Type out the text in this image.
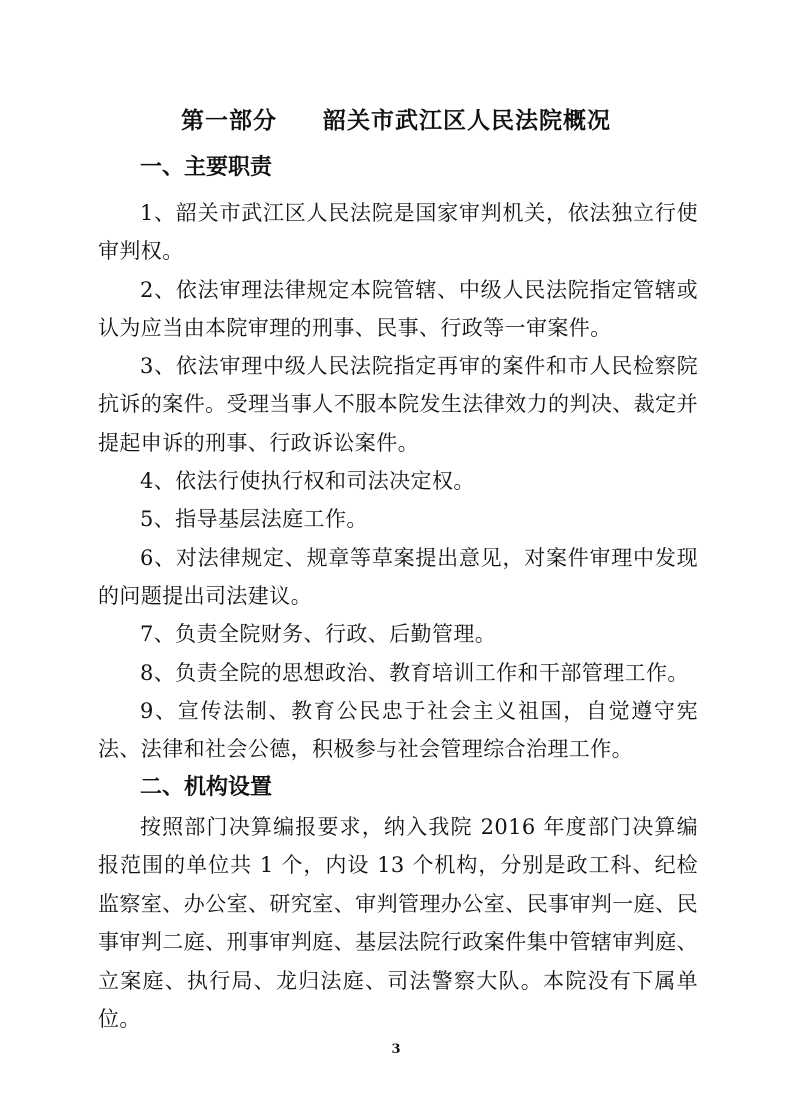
第一部分 韶关市武江区人民法院概况
一、主要职责
1、韶关市武江区人民法院是国家审判机关，依法独立行使审判权。
2、依法审理法律规定本院管辖、中级人民法院指定管辖或认为应当由本院审理的刑事、民事、行政等一审案件。
3、依法审理中级人民法院指定再审的案件和市人民检察院抗诉的案件。受理当事人不服本院发生法律效力的判决、裁定并提起申诉的刑事、行政诉讼案件。
4、依法行使执行权和司法决定权。
5、指导基层法庭工作。
6、对法律规定、规章等草案提出意见，对案件审理中发现的问题提出司法建议。
7、负责全院财务、行政、后勤管理。
8、负责全院的思想政治、教育培训工作和干部管理工作。
9、宣传法制、教育公民忠于社会主义祖国，自觉遵守宪法、法律和社会公德，积极参与社会管理综合治理工作。
二、机构设置
按照部门决算编报要求，纳入我院 2016 年度部门决算编报范围的单位共 1 个，内设 13 个机构，分别是政工科、纪检监察室、办公室、研究室、审判管理办公室、民事审判一庭、民事审判二庭、刑事审判庭、基层法院行政案件集中管辖审判庭、立案庭、执行局、龙归法庭、司法警察大队。本院没有下属单位。
3
